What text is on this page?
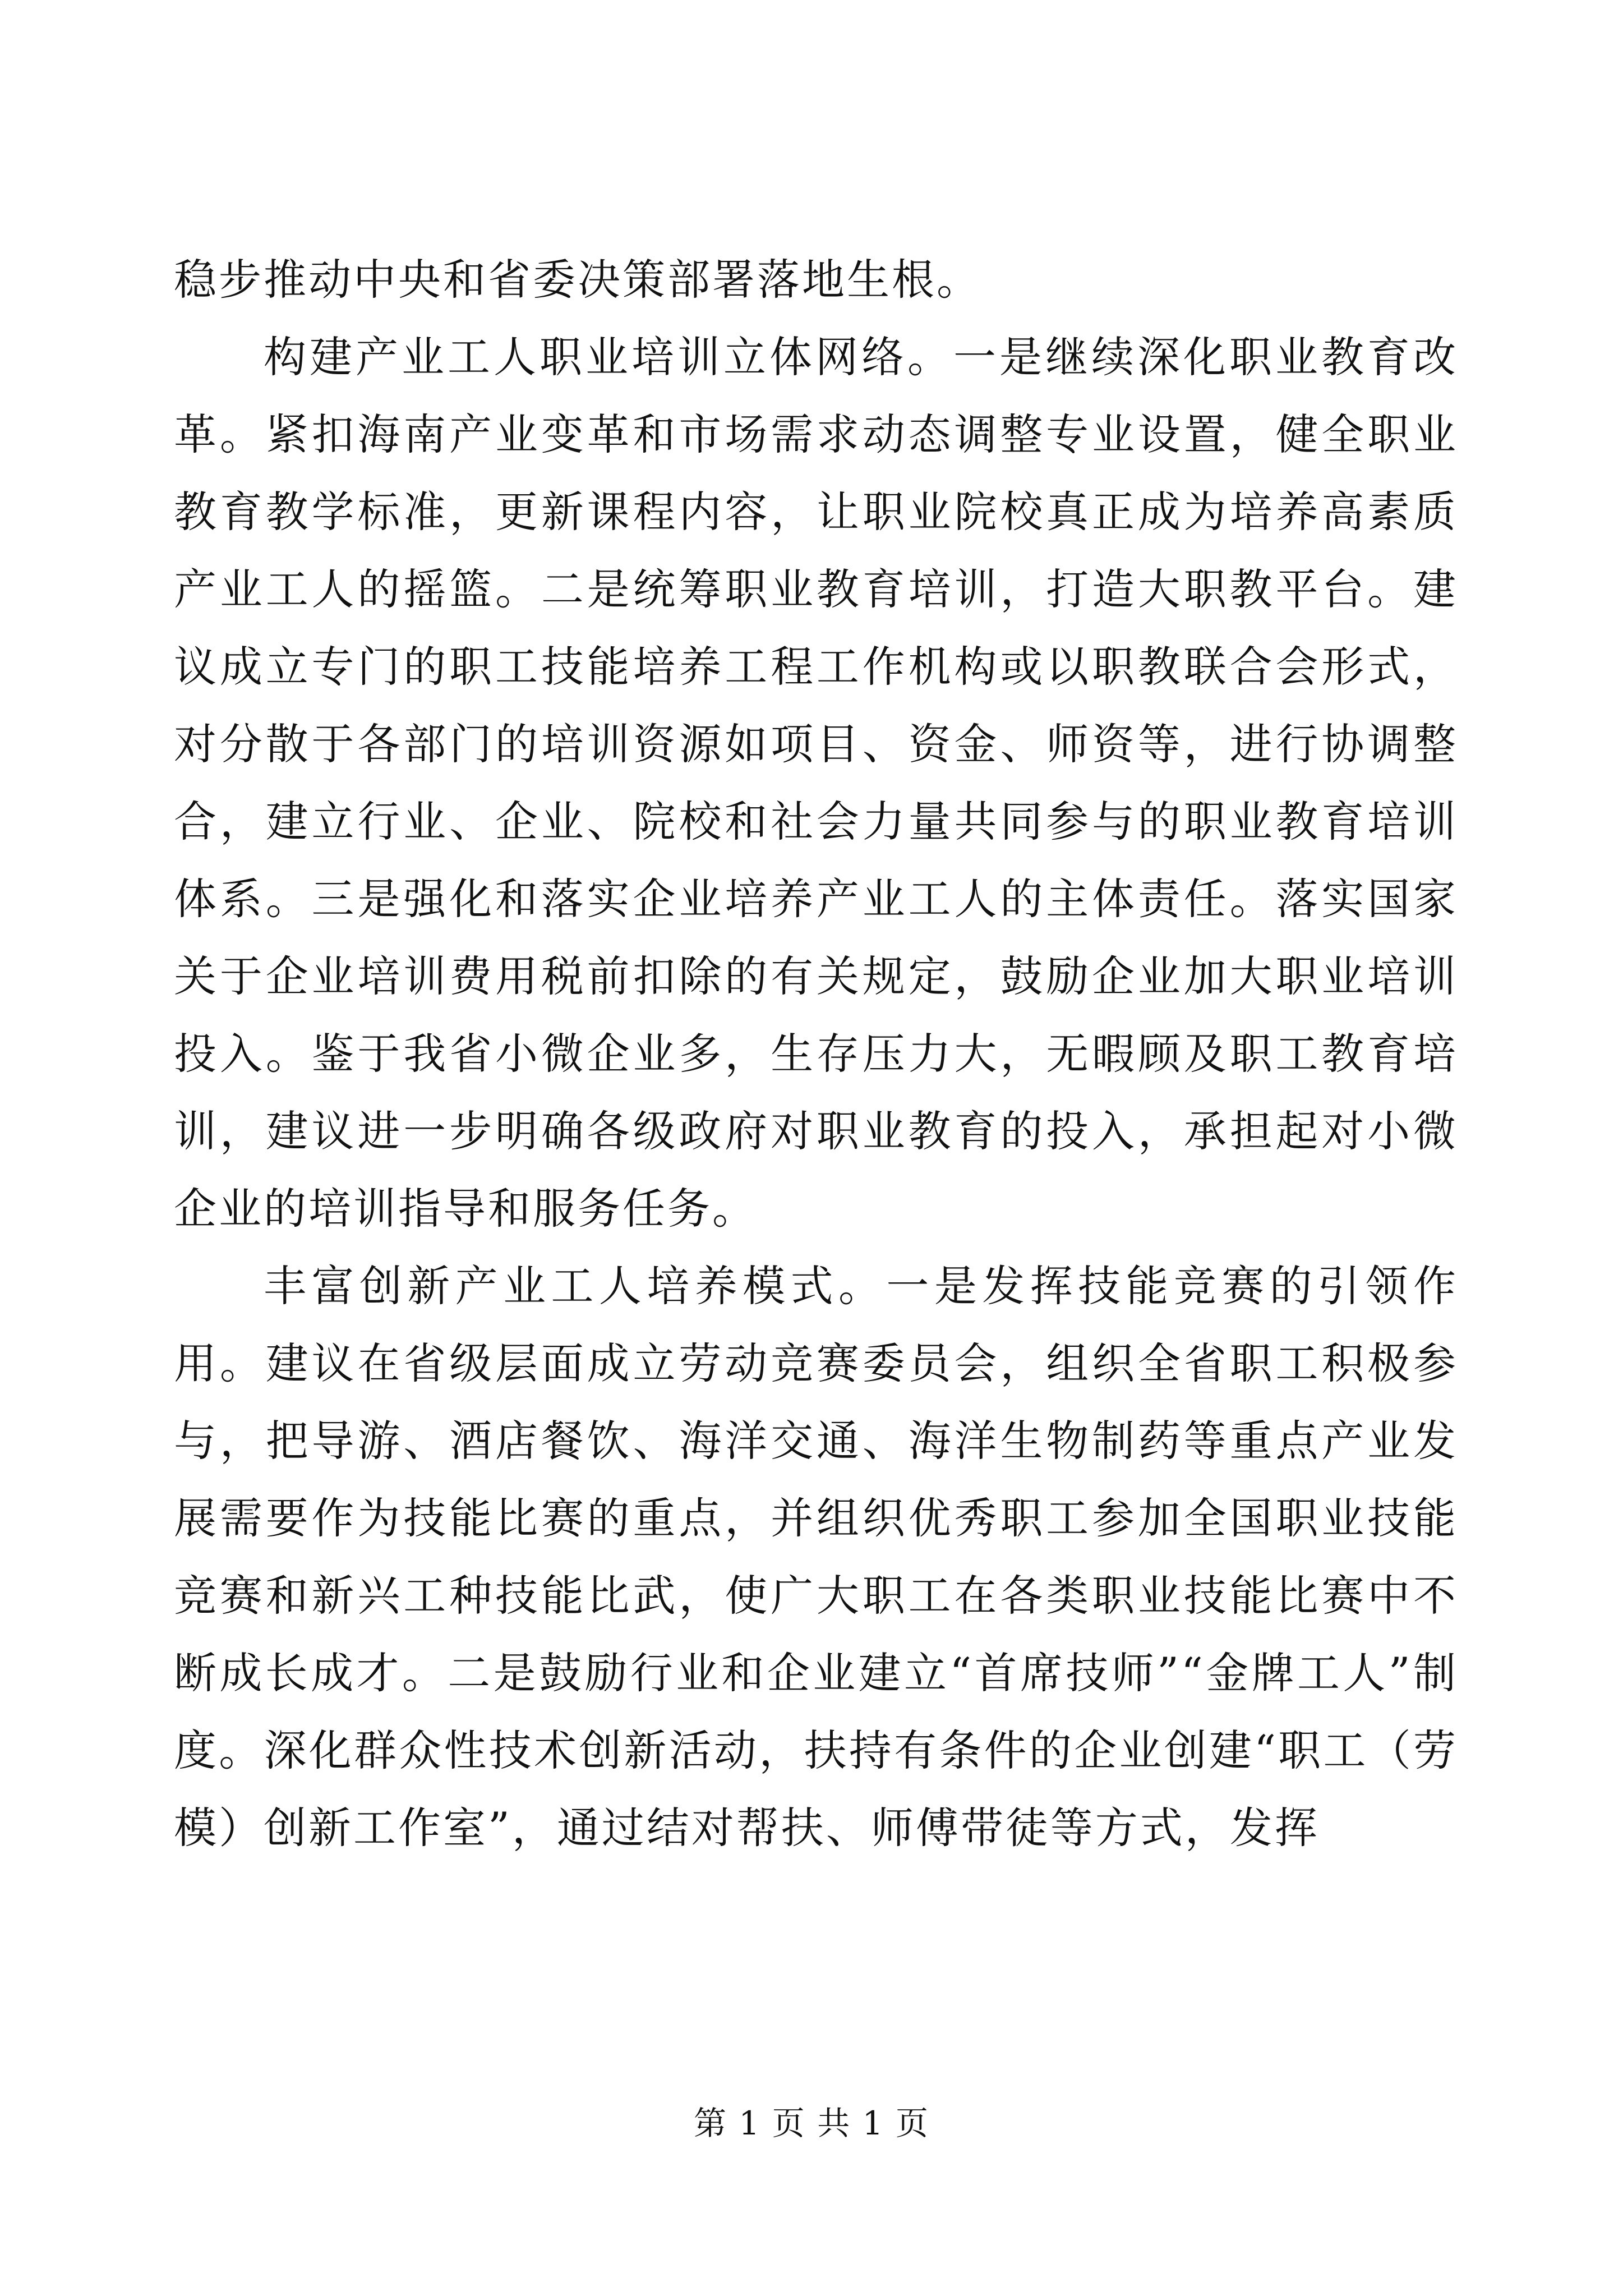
稳步推动中央和省委决策部署落地生根。

构建产业工人职业培训立体网络。一是继续深化职业教育改革。紧扣海南产业变革和市场需求动态调整专业设置，健全职业教育教学标准，更新课程内容，让职业院校真正成为培养高素质产业工人的摇篮。二是统筹职业教育培训，打造大职教平台。建议成立专门的职工技能培养工程工作机构或以职教联合会形式，对分散于各部门的培训资源如项目、资金、师资等，进行协调整合，建立行业、企业、院校和社会力量共同参与的职业教育培训体系。三是强化和落实企业培养产业工人的主体责任。落实国家关于企业培训费用税前扣除的有关规定，鼓励企业加大职业培训投入。鉴于我省小微企业多，生存压力大，无暇顾及职工教育培训，建议进一步明确各级政府对职业教育的投入，承担起对小微企业的培训指导和服务任务。

丰富创新产业工人培养模式。一是发挥技能竞赛的引领作用。建议在省级层面成立劳动竞赛委员会，组织全省职工积极参与，把导游、酒店餐饮、海洋交通、海洋生物制药等重点产业发展需要作为技能比赛的重点，并组织优秀职工参加全国职业技能竞赛和新兴工种技能比武，使广大职工在各类职业技能比赛中不断成长成才。二是鼓励行业和企业建立“首席技师”“金牌工人”制度。深化群众性技术创新活动，扶持有条件的企业创建“职工（劳模）创新工作室”，通过结对帮扶、师傅带徒等方式，发挥

第 1 页 共 1 页
